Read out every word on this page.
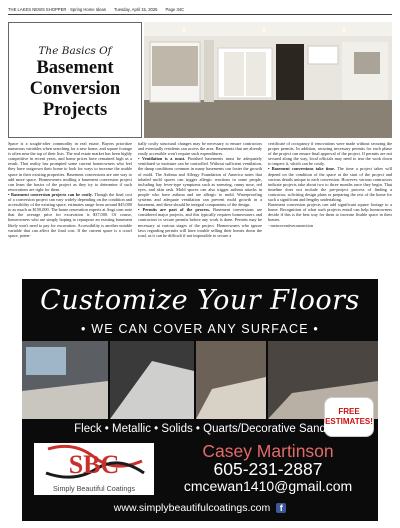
THE LAKES NEWS SHOPPER · Spring Home Ideas Tuesday, April 15, 2025 Page 34C
The Basics Of
Basement
Conversion
Projects

Space is a sought-after commodity in real estate. Buyers prioritize numerous variables when searching for a new home, and square footage is often near the top of their lists. The real estate market has been highly competitive in recent years, and home prices have remained high as a result. That reality has prompted some current homeowners who feel they have outgrown their home to look for ways to increase the usable space in their existing properties. Basement conversions are one way to add more space. Homeowners mulling a basement conversion project can learn the basics of the project as they try to determine if such renovations are right for them.

• Basement conversion projects can be costly. Though the final cost of a conversion project can vary widely depending on the condition and accessibility of the existing space, estimates range from around $45,000 to as much as $150,000. The home renovation experts at Angi.com note that the average price for excavation is $37,000. Of course, homeowners who are simply hoping to repurpose an existing basement likely won't need to pay for excavation. Accessibility is another notable variable that can affect the final cost. If the current space is a crawl space, poten-

tially costly structural changes may be necessary to ensure contractors and eventually residents can access the area. Basements that are already easily accessible won't require such expenditures.

• Ventilation is a must. Finished basements must be adequately ventilated so moisture can be controlled. Without sufficient ventilation, the damp conditions common in many basements can foster the growth of mold. The Asthma and Allergy Foundation of America notes that inhaled mold spores can trigger allergic reactions in some people, including hay fever-type symptoms such as sneezing, runny nose, red eyes, and skin rash. Mold spores can also trigger asthma attacks in people who have asthma and are allergic to mold. Waterproofing systems and adequate ventilation can prevent mold growth in a basement, and these should be integral components of the design.

• Permits are part of the process. Basement conversions are considered major projects, and this typically requires homeowners and contractors to secure permits before any work is done. Permits may be necessary at various stages of the project. Homeowners who ignore laws regarding permits will have trouble selling their homes down the road, as it can be difficult if not impossible to secure a

certificate of occupancy if renovations were made without securing the proper permits. In addition, securing necessary permits for each phase of the project can ensure final approval of the project. If permits are not secured along the way, local officials may need to tear the work down to inspect it, which can be costly.

• Basement conversions take time. The time a project takes will depend on the condition of the space at the start of the project and various details unique to each conversion. However, various contractors indicate projects take about two to three months once they begin. That timeline does not include the pre-project process of finding a contractor, soliciting design plans or preparing the rest of the home for such a significant and lengthy undertaking.

Basement conversion projects can add significant square footage to a home. Recognition of what such projects entail can help homeowners decide if this is the best way for them to increase livable space in their homes.

- metrocreativeconnection

Customize Your Floors
• WE CAN COVER ANY SURFACE •
FREE
ESTIMATES!
Fleck • Metallic • Solids • Quarts/Decorative Sand
SBC
Simply Beautiful Coatings
Casey Martinson
605-231-2887
cmcewan1410@gmail.com
www.simplybeautifulcoatings.com	f
